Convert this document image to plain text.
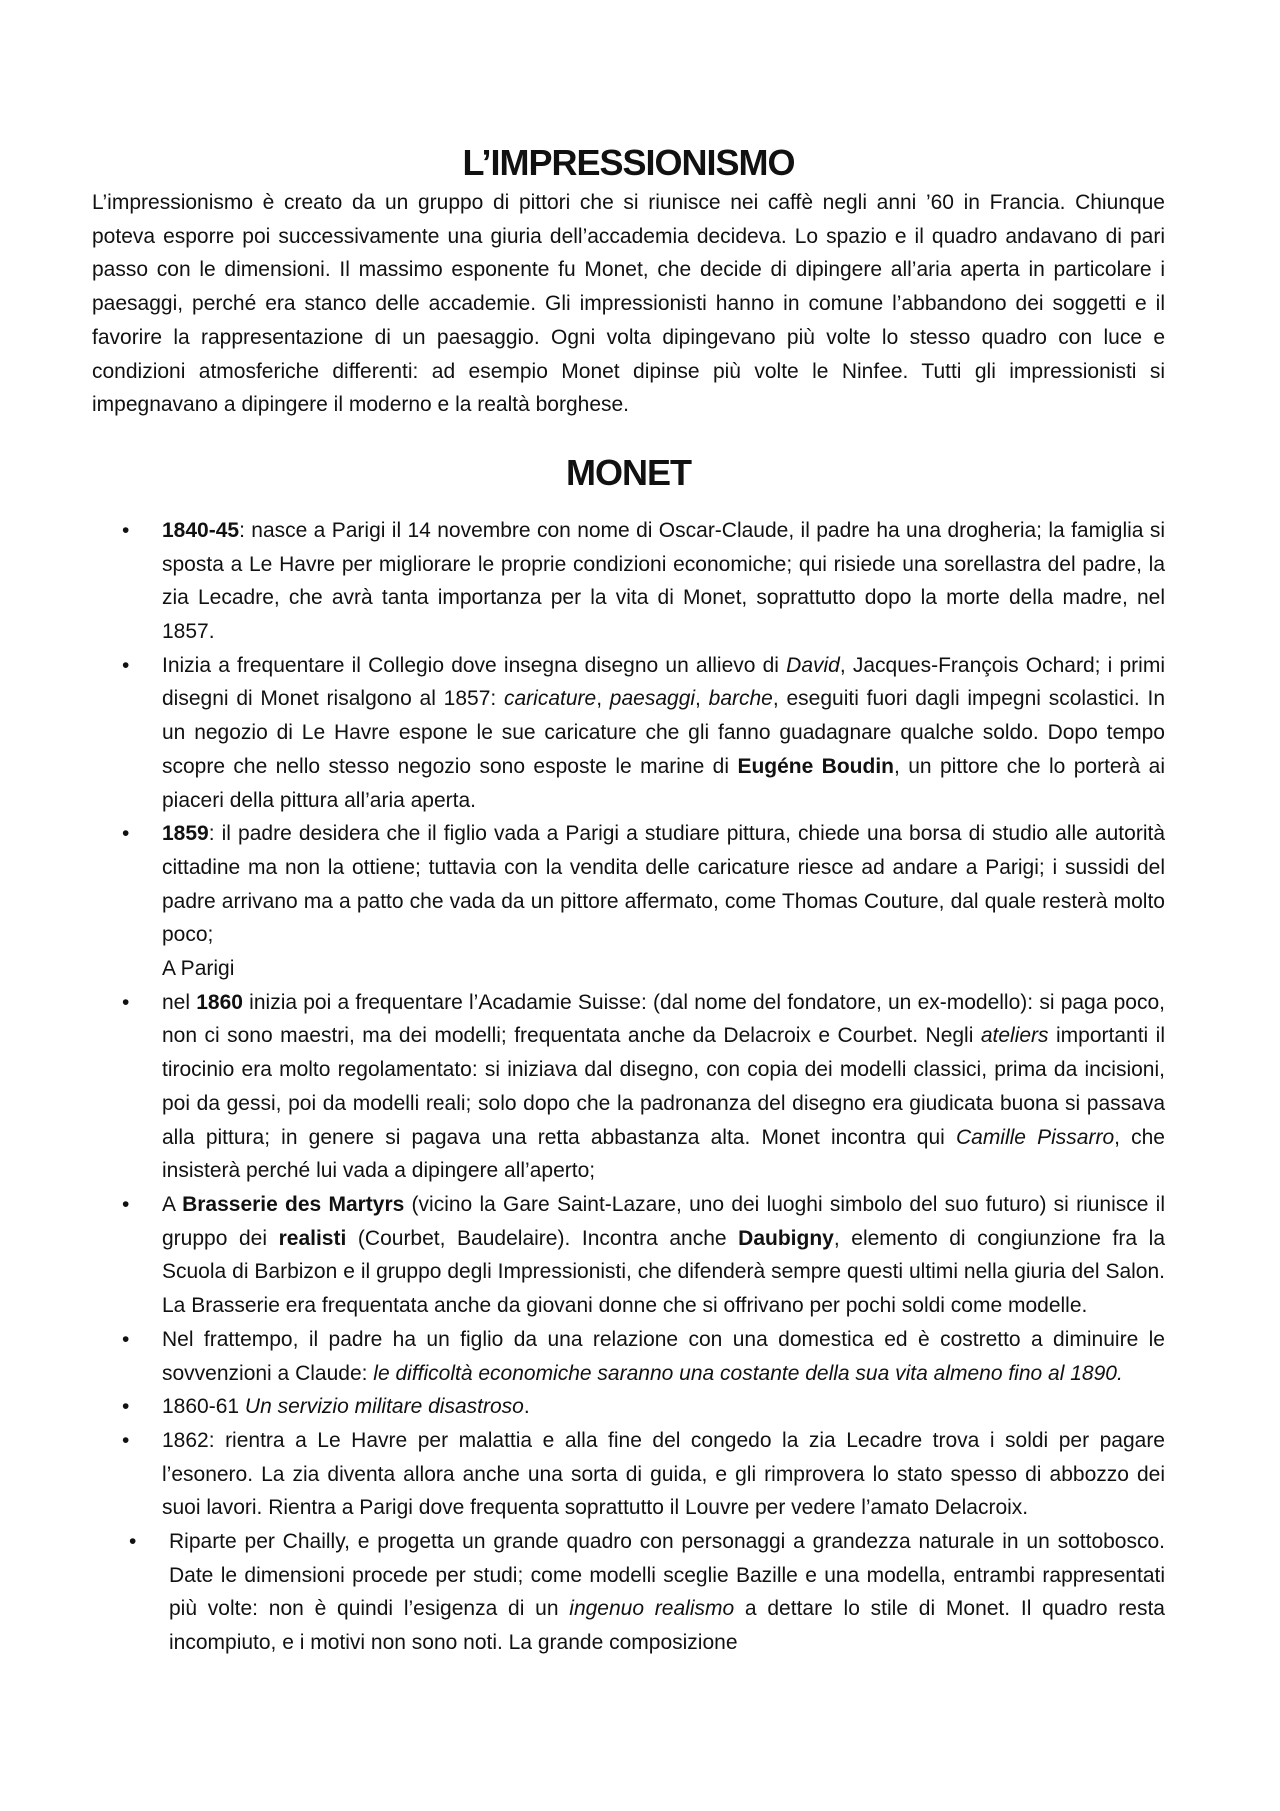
L’IMPRESSIONISMO

L’impressionismo è creato da un gruppo di pittori che si riunisce nei caffè negli anni ’60 in Francia. Chiunque poteva esporre poi successivamente una giuria dell’accademia decideva. Lo spazio e il quadro andavano di pari passo con le dimensioni. Il massimo esponente fu Monet, che decide di dipingere all’aria aperta in particolare i paesaggi, perché era stanco delle accademie. Gli impressionisti hanno in comune l’abbandono dei soggetti e il favorire la rappresentazione di un paesaggio. Ogni volta dipingevano più volte lo stesso quadro con luce e condizioni atmosferiche differenti: ad esempio Monet dipinse più volte le Ninfee. Tutti gli impressionisti si impegnavano a dipingere il moderno e la realtà borghese.

MONET
• 1840-45: nasce a Parigi il 14 novembre con nome di Oscar-Claude, il padre ha una drogheria; la famiglia si sposta a Le Havre per migliorare le proprie condizioni economiche; qui risiede una sorellastra del padre, la zia Lecadre, che avrà tanta importanza per la vita di Monet, soprattutto dopo la morte della madre, nel 1857.
• Inizia a frequentare il Collegio dove insegna disegno un allievo di David, Jacques-François Ochard; i primi disegni di Monet risalgono al 1857: caricature, paesaggi, barche, eseguiti fuori dagli impegni scolastici. In un negozio di Le Havre espone le sue caricature che gli fanno guadagnare qualche soldo. Dopo tempo scopre che nello stesso negozio sono esposte le marine di Eugéne Boudin, un pittore che lo porterà ai piaceri della pittura all’aria aperta.
• 1859: il padre desidera che il figlio vada a Parigi a studiare pittura, chiede una borsa di studio alle autorità cittadine ma non la ottiene; tuttavia con la vendita delle caricature riesce ad andare a Parigi; i sussidi del padre arrivano ma a patto che vada da un pittore affermato, come Thomas Couture, dal quale resterà molto poco;
A Parigi
• nel 1860 inizia poi a frequentare l’Acadamie Suisse: (dal nome del fondatore, un ex-modello): si paga poco, non ci sono maestri, ma dei modelli; frequentata anche da Delacroix e Courbet. Negli ateliers importanti il tirocinio era molto regolamentato: si iniziava dal disegno, con copia dei modelli classici, prima da incisioni, poi da gessi, poi da modelli reali; solo dopo che la padronanza del disegno era giudicata buona si passava alla pittura; in genere si pagava una retta abbastanza alta. Monet incontra qui Camille Pissarro, che insisterà perché lui vada a dipingere all’aperto;
• A Brasserie des Martyrs (vicino la Gare Saint-Lazare, uno dei luoghi simbolo del suo futuro) si riunisce il gruppo dei realisti (Courbet, Baudelaire). Incontra anche Daubigny, elemento di congiunzione fra la Scuola di Barbizon e il gruppo degli Impressionisti, che difenderà sempre questi ultimi nella giuria del Salon. La Brasserie era frequentata anche da giovani donne che si offrivano per pochi soldi come modelle.
• Nel frattempo, il padre ha un figlio da una relazione con una domestica ed è costretto a diminuire le sovvenzioni a Claude: le difficoltà economiche saranno una costante della sua vita almeno fino al 1890.
• 1860-61 Un servizio militare disastroso.
• 1862: rientra a Le Havre per malattia e alla fine del congedo la zia Lecadre trova i soldi per pagare l’esonero. La zia diventa allora anche una sorta di guida, e gli rimprovera lo stato spesso di abbozzo dei suoi lavori. Rientra a Parigi dove frequenta soprattutto il Louvre per vedere l’amato Delacroix.
• Riparte per Chailly, e progetta un grande quadro con personaggi a grandezza naturale in un sottobosco. Date le dimensioni procede per studi; come modelli sceglie Bazille e una modella, entrambi rappresentati più volte: non è quindi l’esigenza di un ingenuo realismo a dettare lo stile di Monet. Il quadro resta incompiuto, e i motivi non sono noti. La grande composizione
